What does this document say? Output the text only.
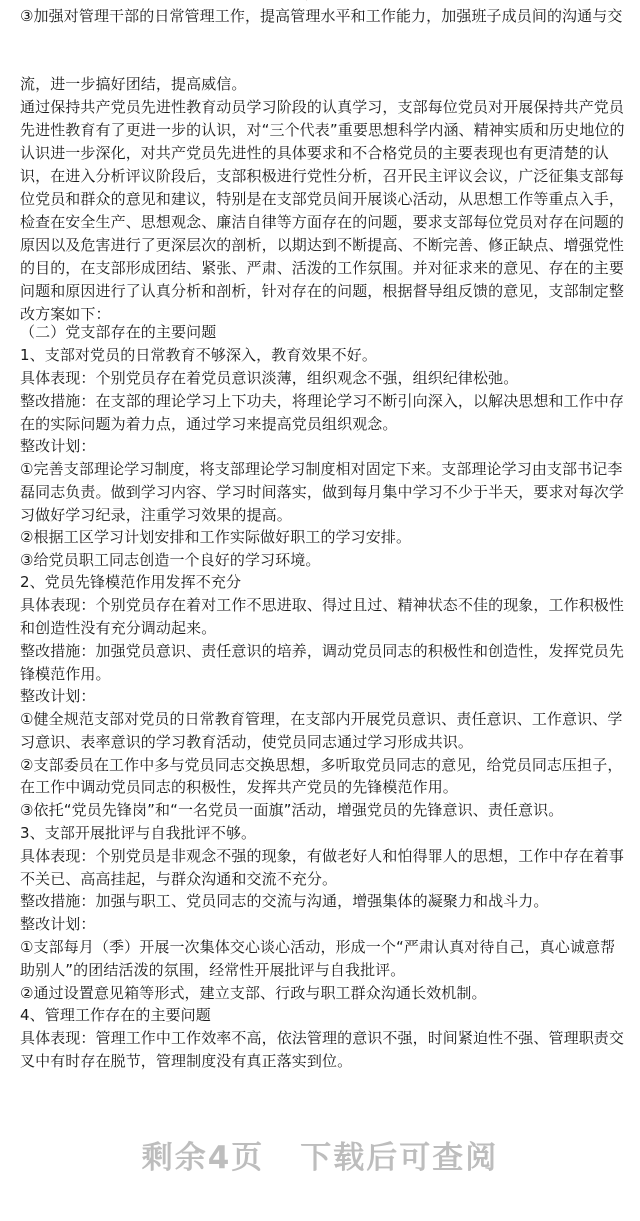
③加强对管理干部的日常管理工作，提高管理水平和工作能力，加强班子成员间的沟通与交
流，进一步搞好团结，提高威信。
通过保持共产党员先进性教育动员学习阶段的认真学习，支部每位党员对开展保持共产党员
先进性教育有了更进一步的认识，对“三个代表”重要思想科学内涵、精神实质和历史地位的
认识进一步深化，对共产党员先进性的具体要求和不合格党员的主要表现也有更清楚的认
识，在进入分析评议阶段后，支部积极进行党性分析，召开民主评议会议，广泛征集支部每
位党员和群众的意见和建议，特别是在支部党员间开展谈心活动，从思想工作等重点入手，
检查在安全生产、思想观念、廉洁自律等方面存在的问题，要求支部每位党员对存在问题的
原因以及危害进行了更深层次的剖析，以期达到不断提高、不断完善、修正缺点、增强党性
的目的，在支部形成团结、紧张、严肃、活泼的工作氛围。并对征求来的意见、存在的主要
问题和原因进行了认真分析和剖析，针对存在的问题，根据督导组反馈的意见，支部制定整
改方案如下：
（二）党支部存在的主要问题
1、支部对党员的日常教育不够深入，教育效果不好。
具体表现：个别党员存在着党员意识淡薄，组织观念不强，组织纪律松弛。
整改措施：在支部的理论学习上下功夫，将理论学习不断引向深入，以解决思想和工作中存
在的实际问题为着力点，通过学习来提高党员组织观念。
整改计划：
①完善支部理论学习制度，将支部理论学习制度相对固定下来。支部理论学习由支部书记李
磊同志负责。做到学习内容、学习时间落实，做到每月集中学习不少于半天，要求对每次学
习做好学习纪录，注重学习效果的提高。
②根据工区学习计划安排和工作实际做好职工的学习安排。
③给党员职工同志创造一个良好的学习环境。
2、党员先锋模范作用发挥不充分
具体表现：个别党员存在着对工作不思进取、得过且过、精神状态不佳的现象，工作积极性
和创造性没有充分调动起来。
整改措施：加强党员意识、责任意识的培养，调动党员同志的积极性和创造性，发挥党员先
锋模范作用。
整改计划：
①健全规范支部对党员的日常教育管理，在支部内开展党员意识、责任意识、工作意识、学
习意识、表率意识的学习教育活动，使党员同志通过学习形成共识。
②支部委员在工作中多与党员同志交换思想，多听取党员同志的意见，给党员同志压担子，
在工作中调动党员同志的积极性，发挥共产党员的先锋模范作用。
③依托“党员先锋岗”和“一名党员一面旗”活动，增强党员的先锋意识、责任意识。
3、支部开展批评与自我批评不够。
具体表现：个别党员是非观念不强的现象，有做老好人和怕得罪人的思想，工作中存在着事
不关已、高高挂起，与群众沟通和交流不充分。
整改措施：加强与职工、党员同志的交流与沟通，增强集体的凝聚力和战斗力。
整改计划：
①支部每月（季）开展一次集体交心谈心活动，形成一个“严肃认真对待自己，真心诚意帮
助别人”的团结活泼的氛围，经常性开展批评与自我批评。
②通过设置意见箱等形式，建立支部、行政与职工群众沟通长效机制。
4、管理工作存在的主要问题
具体表现：管理工作中工作效率不高，依法管理的意识不强，时间紧迫性不强、管理职责交
叉中有时存在脱节，管理制度没有真正落实到位。
剩余4页 下载后可查阅
